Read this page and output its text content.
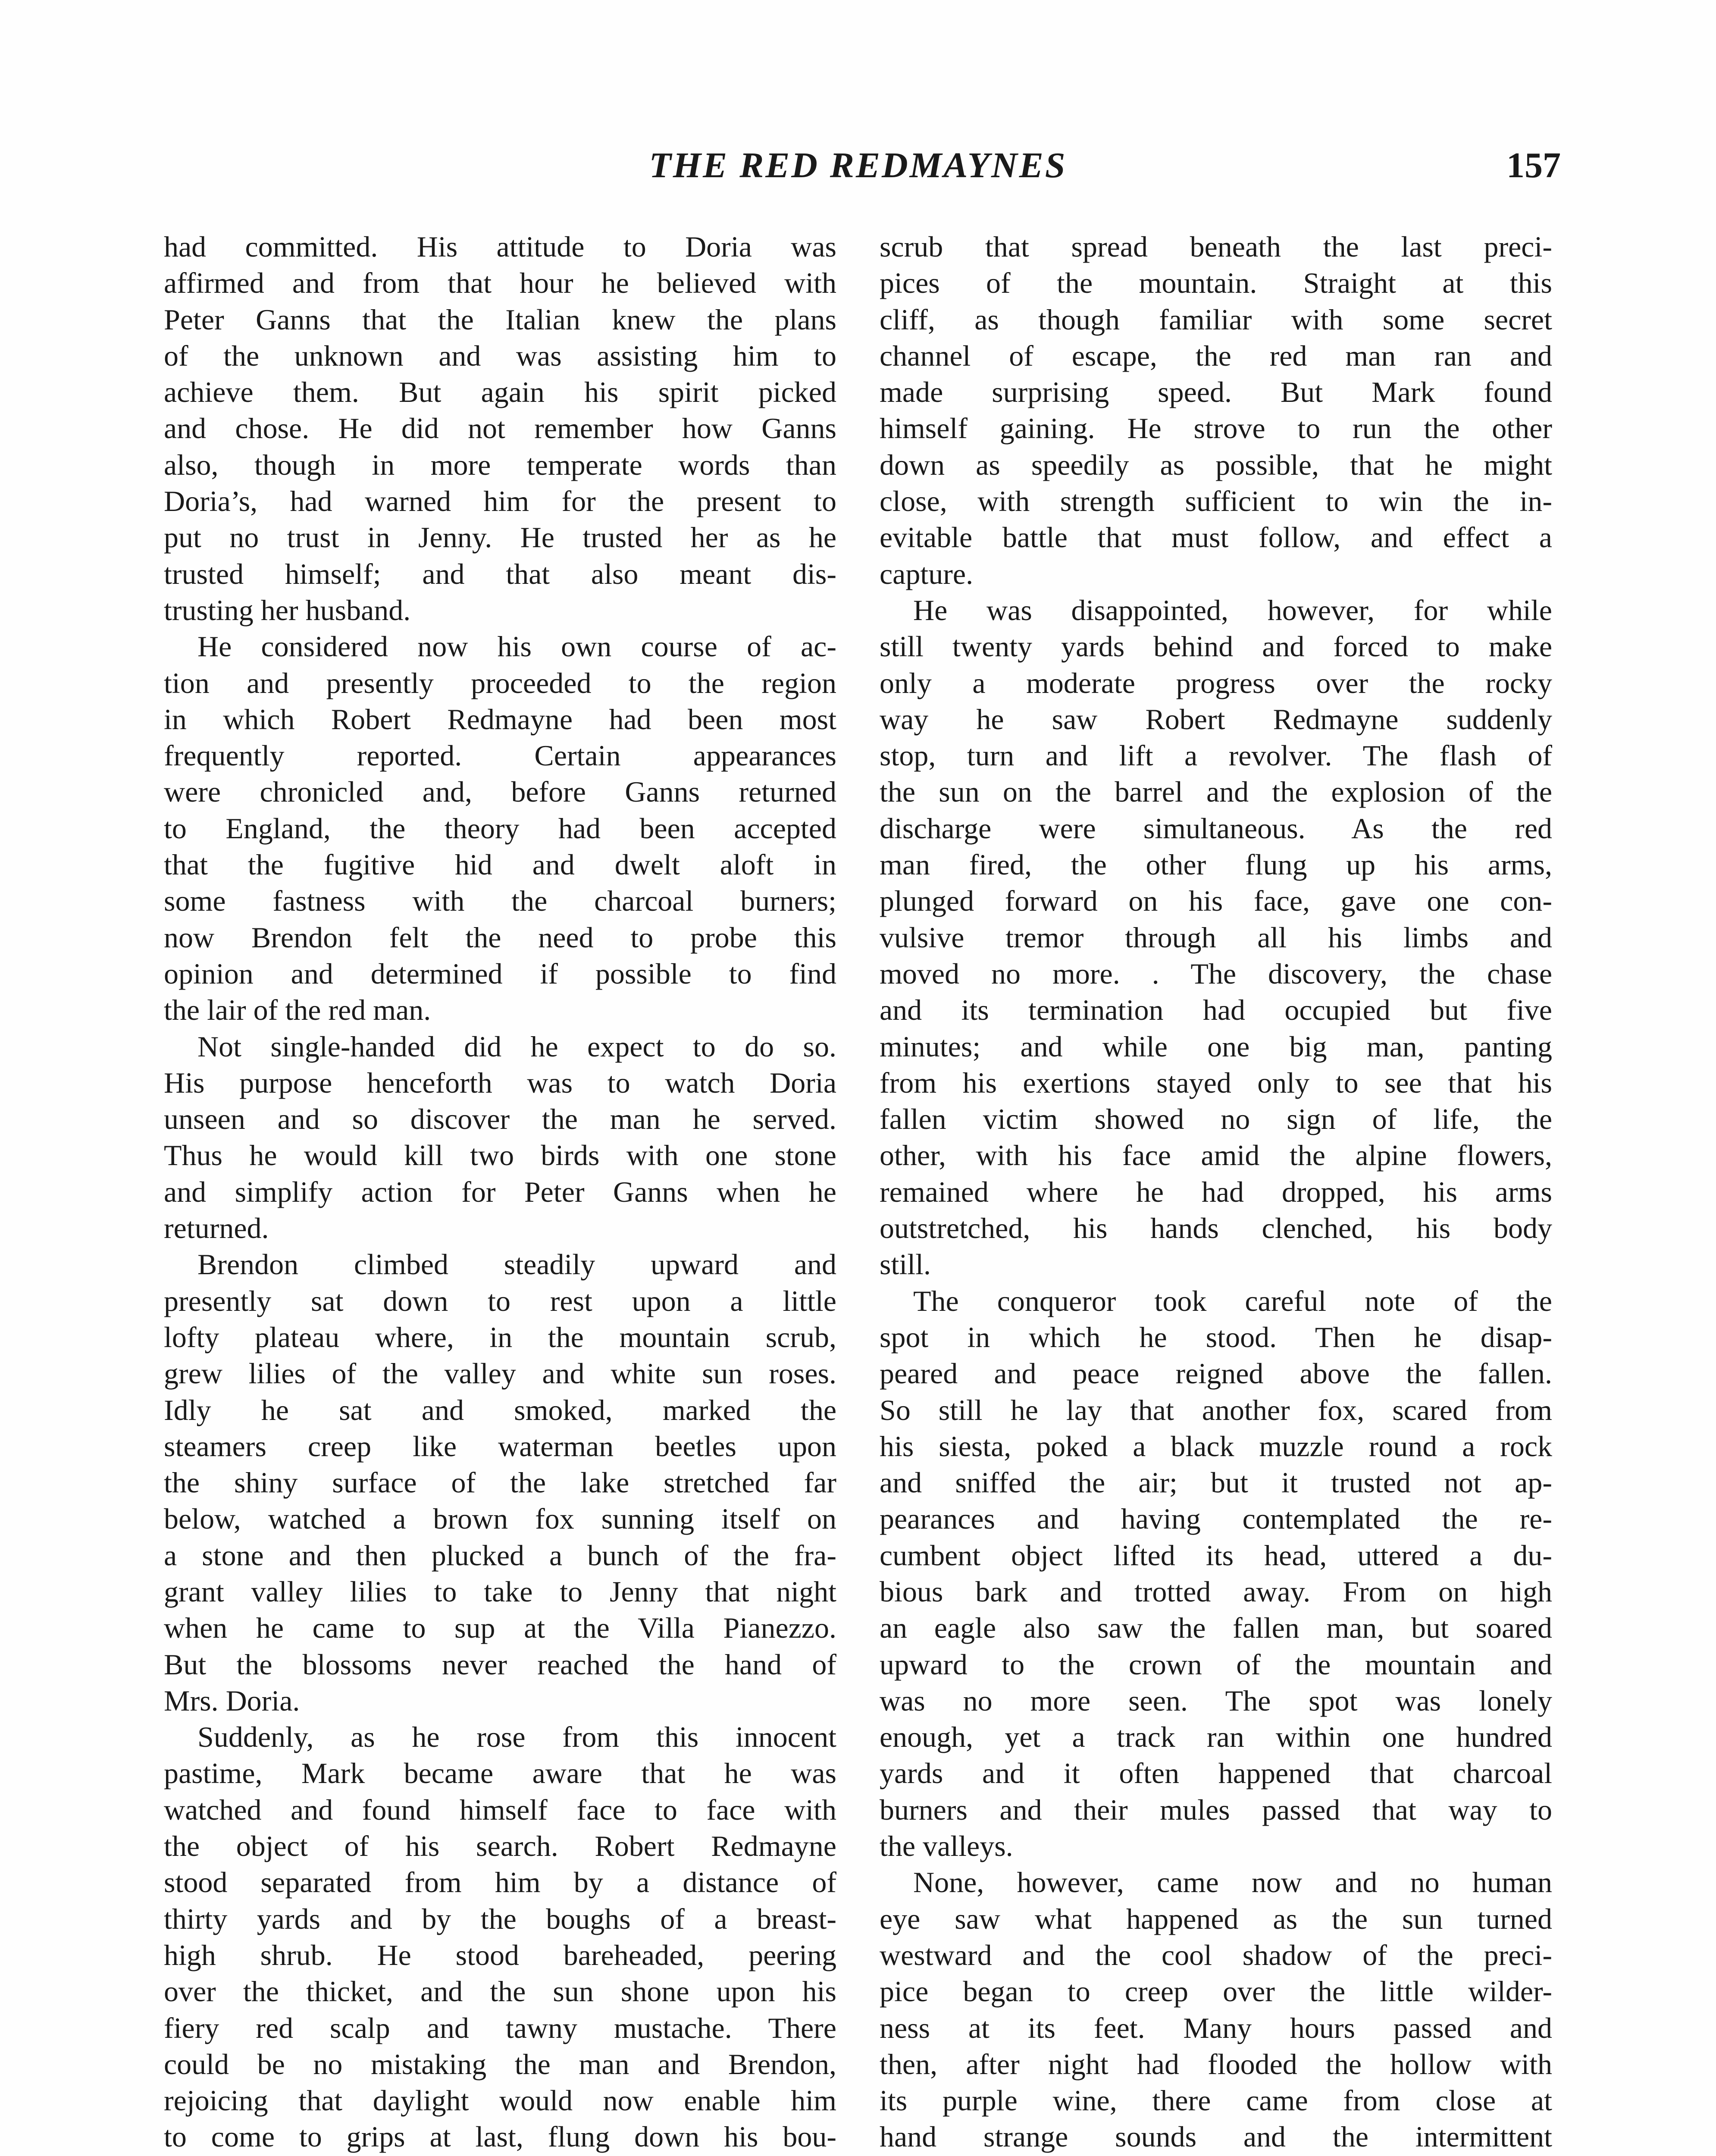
THE RED REDMAYNES	157
had committed. His attitude to Doria was
affirmed and from that hour he believed with
Peter Ganns that the Italian knew the plans
of the unknown and was assisting him to
achieve them. But again his spirit picked
and chose. He did not remember how Ganns
also, though in more temperate words than
Doria’s, had warned him for the present to
put no trust in Jenny. He trusted her as he
trusted himself; and that also meant dis-
trusting her husband.
He considered now his own course of ac-
tion and presently proceeded to the region
in which Robert Redmayne had been most
frequently reported. Certain appearances
were chronicled and, before Ganns returned
to England, the theory had been accepted
that the fugitive hid and dwelt aloft in
some fastness with the charcoal burners;
now Brendon felt the need to probe this
opinion and determined if possible to find
the lair of the red man.
Not single-handed did he expect to do so.
His purpose henceforth was to watch Doria
unseen and so discover the man he served.
Thus he would kill two birds with one stone
and simplify action for Peter Ganns when he
returned.
Brendon climbed steadily upward and
presently sat down to rest upon a little
lofty plateau where, in the mountain scrub,
grew lilies of the valley and white sun roses.
Idly he sat and smoked, marked the
steamers creep like waterman beetles upon
the shiny surface of the lake stretched far
below, watched a brown fox sunning itself on
a stone and then plucked a bunch of the fra-
grant valley lilies to take to Jenny that night
when he came to sup at the Villa Pianezzo.
But the blossoms never reached the hand of
Mrs. Doria.
Suddenly, as he rose from this innocent
pastime, Mark became aware that he was
watched and found himself face to face with
the object of his search. Robert Redmayne
stood separated from him by a distance of
thirty yards and by the boughs of a breast-
high shrub. He stood bareheaded, peering
over the thicket, and the sun shone upon his
fiery red scalp and tawny mustache. There
could be no mistaking the man and Brendon,
rejoicing that daylight would now enable him
to come to grips at last, flung down his bou-
scrub that spread beneath the last preci-
pices of the mountain. Straight at this
cliff, as though familiar with some secret
channel of escape, the red man ran and
made surprising speed. But Mark found
himself gaining. He strove to run the other
down as speedily as possible, that he might
close, with strength sufficient to win the in-
evitable battle that must follow, and effect a
capture.
He was disappointed, however, for while
still twenty yards behind and forced to make
only a moderate progress over the rocky
way he saw Robert Redmayne suddenly
stop, turn and lift a revolver. The flash of
the sun on the barrel and the explosion of the
discharge were simultaneous. As the red
man fired, the other flung up his arms,
plunged forward on his face, gave one con-
vulsive tremor through all his limbs and
moved no more. . The discovery, the chase
and its termination had occupied but five
minutes; and while one big man, panting
from his exertions stayed only to see that his
fallen victim showed no sign of life, the
other, with his face amid the alpine flowers,
remained where he had dropped, his arms
outstretched, his hands clenched, his body
still.
The conqueror took careful note of the
spot in which he stood. Then he disap-
peared and peace reigned above the fallen.
So still he lay that another fox, scared from
his siesta, poked a black muzzle round a rock
and sniffed the air; but it trusted not ap-
pearances and having contemplated the re-
cumbent object lifted its head, uttered a du-
bious bark and trotted away. From on high
an eagle also saw the fallen man, but soared
upward to the crown of the mountain and
was no more seen. The spot was lonely
enough, yet a track ran within one hundred
yards and it often happened that charcoal
burners and their mules passed that way to
the valleys.
None, however, came now and no human
eye saw what happened as the sun turned
westward and the cool shadow of the preci-
pice began to creep over the little wilder-
ness at its feet. Many hours passed and
then, after night had flooded the hollow with
its purple wine, there came from close at
hand strange sounds and the intermittent
